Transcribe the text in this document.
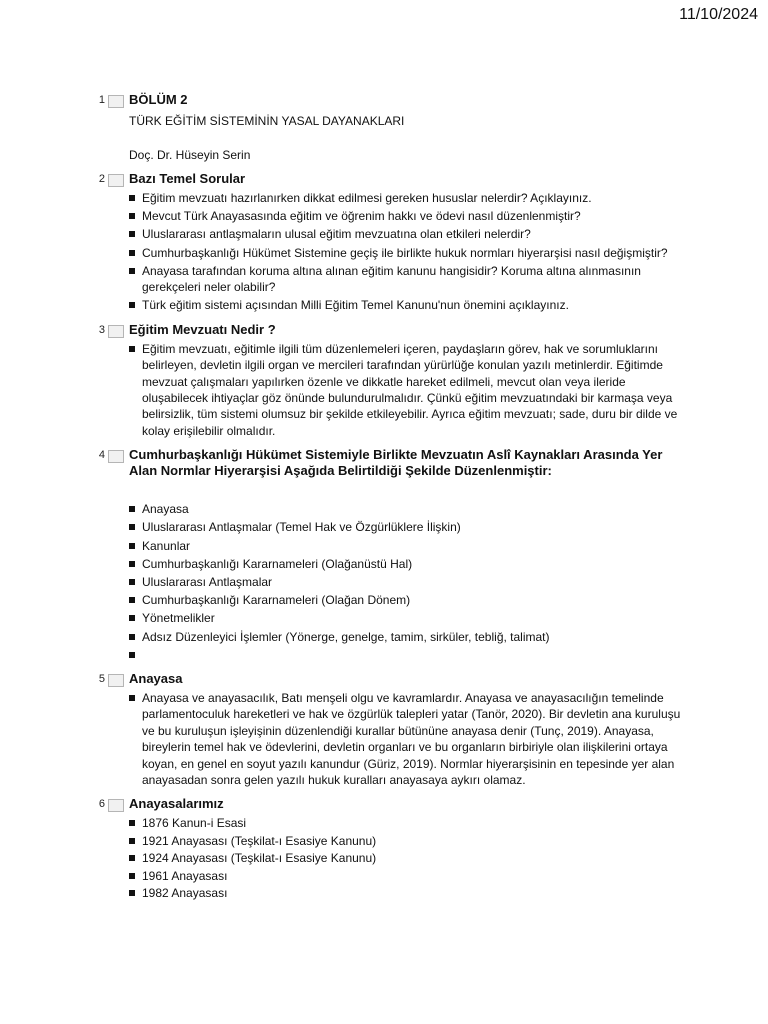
11/10/2024
1 BÖLÜM 2
TÜRK EĞİTİM SİSTEMİNİN YASAL DAYANAKLARI
Doç. Dr. Hüseyin Serin
2 Bazı Temel Sorular
Eğitim mevzuatı hazırlanırken dikkat edilmesi gereken hususlar nelerdir? Açıklayınız.
Mevcut Türk Anayasasında eğitim ve öğrenim hakkı ve ödevi nasıl düzenlenmiştir?
Uluslararası antlaşmaların ulusal eğitim mevzuatına olan etkileri nelerdir?
Cumhurbaşkanlığı Hükümet Sistemine geçiş ile birlikte hukuk normları hiyerarşisi nasıl değişmiştir?
Anayasa tarafından koruma altına alınan eğitim kanunu hangisidir? Koruma altına alınmasının gerekçeleri neler olabilir?
Türk eğitim sistemi açısından Milli Eğitim Temel Kanunu'nun önemini açıklayınız.
3 Eğitim Mevzuatı Nedir ?
Eğitim mevzuatı, eğitimle ilgili tüm düzenlemeleri içeren, paydaşların görev, hak ve sorumluklarını belirleyen, devletin ilgili organ ve mercileri tarafından yürürlüğe konulan yazılı metinlerdir. Eğitimde mevzuat çalışmaları yapılırken özenle ve dikkatle hareket edilmeli, mevcut olan veya ileride oluşabilecek ihtiyaçlar göz önünde bulundurulmalıdır. Çünkü eğitim mevzuatındaki bir karmaşa veya belirsizlik, tüm sistemi olumsuz bir şekilde etkileyebilir. Ayrıca eğitim mevzuatı; sade, duru bir dilde ve kolay erişilebilir olmalıdır.
4 Cumhurbaşkanlığı Hükümet Sistemiyle Birlikte Mevzuatın Aslî Kaynakları Arasında Yer Alan Normlar Hiyerarşisi Aşağıda Belirtildiği Şekilde Düzenlenmiştir:
Anayasa
Uluslararası Antlaşmalar (Temel Hak ve Özgürlüklere İlişkin)
Kanunlar
Cumhurbaşkanlığı Kararnameleri (Olağanüstü Hal)
Uluslararası Antlaşmalar
Cumhurbaşkanlığı Kararnameleri (Olağan Dönem)
Yönetmelikler
Adsız Düzenleyici İşlemler (Yönerge, genelge, tamim, sirküler, tebliğ, talimat)
5 Anayasa
Anayasa ve anayasacılık, Batı menşeli olgu ve kavramlardır. Anayasa ve anayasacılığın temelinde parlamentoculuk hareketleri ve hak ve özgürlük talepleri yatar (Tanör, 2020). Bir devletin ana kuruluşu ve bu kuruluşun işleyişinin düzenlendiği kurallar bütününe anayasa denir (Tunç, 2019). Anayasa, bireylerin temel hak ve ödevlerini, devletin organları ve bu organların birbiriyle olan ilişkilerini ortaya koyan, en genel en soyut yazılı kanundur (Güriz, 2019). Normlar hiyerarşisinin en tepesinde yer alan anayasadan sonra gelen yazılı hukuk kuralları anayasaya aykırı olamaz.
6 Anayasalarımız
1876 Kanun-i Esasi
1921 Anayasası (Teşkilat-ı Esasiye Kanunu)
1924 Anayasası (Teşkilat-ı Esasiye Kanunu)
1961 Anayasası
1982 Anayasası
